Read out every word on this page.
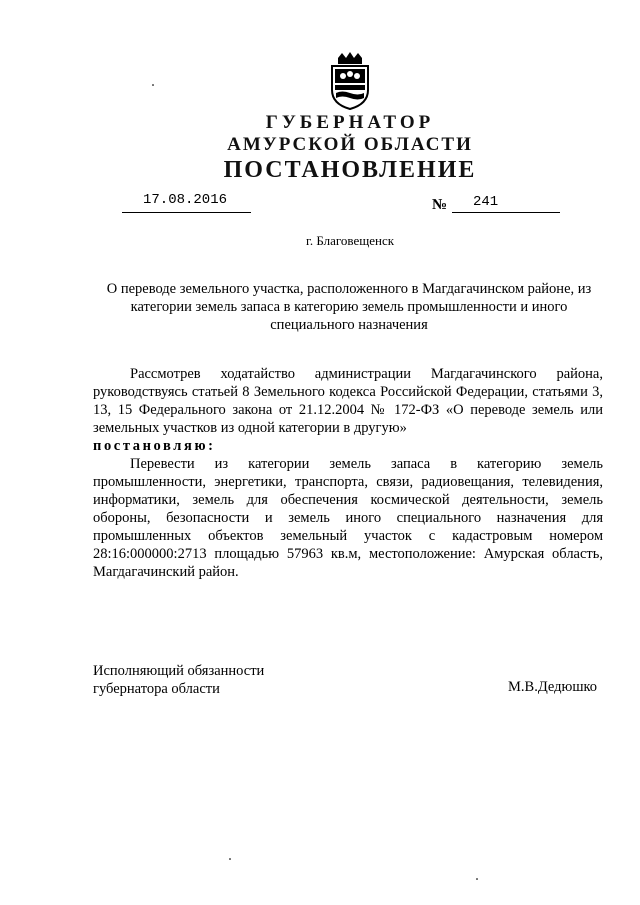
ГУБЕРНАТОР
АМУРСКОЙ ОБЛАСТИ
ПОСТАНОВЛЕНИЕ
17.08.2016	№ 241
г. Благовещенск
О переводе земельного участка, расположенного в Магдагачинском районе, из категории земель запаса в категорию земель промышленности и иного специального назначения

Рассмотрев ходатайство администрации Магдагачинского района, руководствуясь статьей 8 Земельного кодекса Российской Федерации, статьями 3, 13, 15 Федерального закона от 21.12.2004 № 172-ФЗ «О переводе земель или земельных участков из одной категории в другую»

постановляю:

Перевести из категории земель запаса в категорию земель промышленности, энергетики, транспорта, связи, радиовещания, телевидения, информатики, земель для обеспечения космической деятельности, земель обороны, безопасности и земель иного специального назначения для промышленных объектов земельный участок с кадастровым номером 28:16:000000:2713 площадью 57963 кв.м, местоположение: Амурская область, Магдагачинский район.

Исполняющий обязанности
губернатора области	М.В.Дедюшко
